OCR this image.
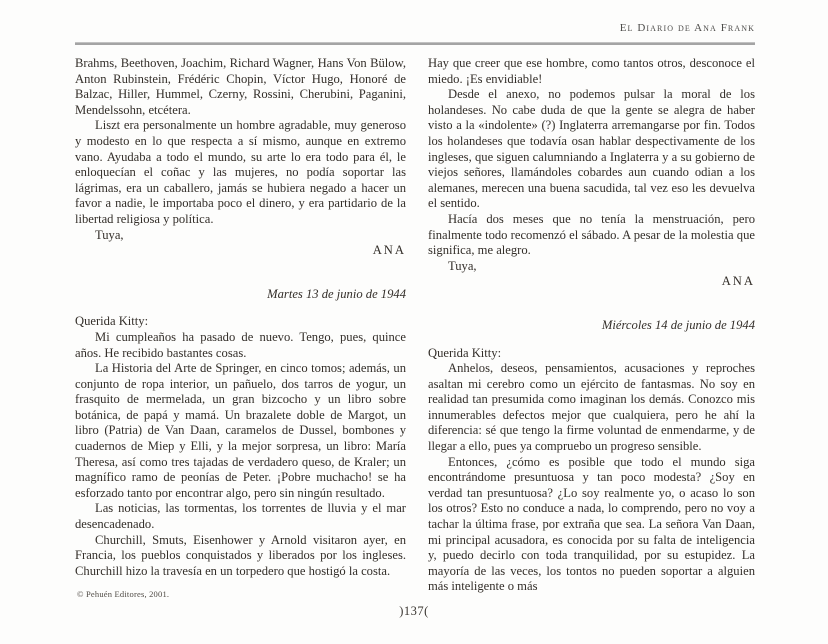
El Diario de Ana Frank

Brahms, Beethoven, Joachim, Richard Wagner, Hans Von Bülow, Anton Rubinstein, Frédéric Chopin, Víctor Hugo, Honoré de Balzac, Hiller, Hummel, Czerny, Rossini, Cherubini, Paganini, Mendelssohn, etcétera.

Liszt era personalmente un hombre agradable, muy generoso y modesto en lo que respecta a sí mismo, aunque en extremo vano. Ayudaba a todo el mundo, su arte lo era todo para él, le enloquecían el coñac y las mujeres, no podía soportar las lágrimas, era un caballero, jamás se hubiera negado a hacer un favor a nadie, le importaba poco el dinero, y era partidario de la libertad religiosa y política.

Tuya,

ANA

Martes 13 de junio de 1944

Querida Kitty:

Mi cumpleaños ha pasado de nuevo. Tengo, pues, quince años. He recibido bastantes cosas.

La Historia del Arte de Springer, en cinco tomos; además, un conjunto de ropa interior, un pañuelo, dos tarros de yogur, un frasquito de mermelada, un gran bizcocho y un libro sobre botánica, de papá y mamá. Un brazalete doble de Margot, un libro (Patria) de Van Daan, caramelos de Dussel, bombones y cuadernos de Miep y Elli, y la mejor sorpresa, un libro: María Theresa, así como tres tajadas de verdadero queso, de Kraler; un magnífico ramo de peonías de Peter. ¡Pobre muchacho! se ha esforzado tanto por encontrar algo, pero sin ningún resultado.

Las noticias, las tormentas, los torrentes de lluvia y el mar desencadenado.

Churchill, Smuts, Eisenhower y Arnold visitaron ayer, en Francia, los pueblos conquistados y liberados por los ingleses. Churchill hizo la travesía en un torpedero que hostigó la costa.

Hay que creer que ese hombre, como tantos otros, desconoce el miedo. ¡Es envidiable!

Desde el anexo, no podemos pulsar la moral de los holandeses. No cabe duda de que la gente se alegra de haber visto a la «indolente» (?) Inglaterra arremangarse por fin. Todos los holandeses que todavía osan hablar despectivamente de los ingleses, que siguen calumniando a Inglaterra y a su gobierno de viejos señores, llamándoles cobardes aun cuando odian a los alemanes, merecen una buena sacudida, tal vez eso les devuelva el sentido.

Hacía dos meses que no tenía la menstruación, pero finalmente todo recomenzó el sábado. A pesar de la molestia que significa, me alegro.

Tuya,

ANA

Miércoles 14 de junio de 1944

Querida Kitty:

Anhelos, deseos, pensamientos, acusaciones y reproches asaltan mi cerebro como un ejército de fantasmas. No soy en realidad tan presumida como imaginan los demás. Conozco mis innumerables defectos mejor que cualquiera, pero he ahí la diferencia: sé que tengo la firme voluntad de enmendarme, y de llegar a ello, pues ya compruebo un progreso sensible.

Entonces, ¿cómo es posible que todo el mundo siga encontrándome presuntuosa y tan poco modesta? ¿Soy en verdad tan presuntuosa? ¿Lo soy realmente yo, o acaso lo son los otros? Esto no conduce a nada, lo comprendo, pero no voy a tachar la última frase, por extraña que sea. La señora Van Daan, mi principal acusadora, es conocida por su falta de inteligencia y, puedo decirlo con toda tranquilidad, por su estupidez. La mayoría de las veces, los tontos no pueden soportar a alguien más inteligente o más

© Pehuén Editores, 2001.
)137(
